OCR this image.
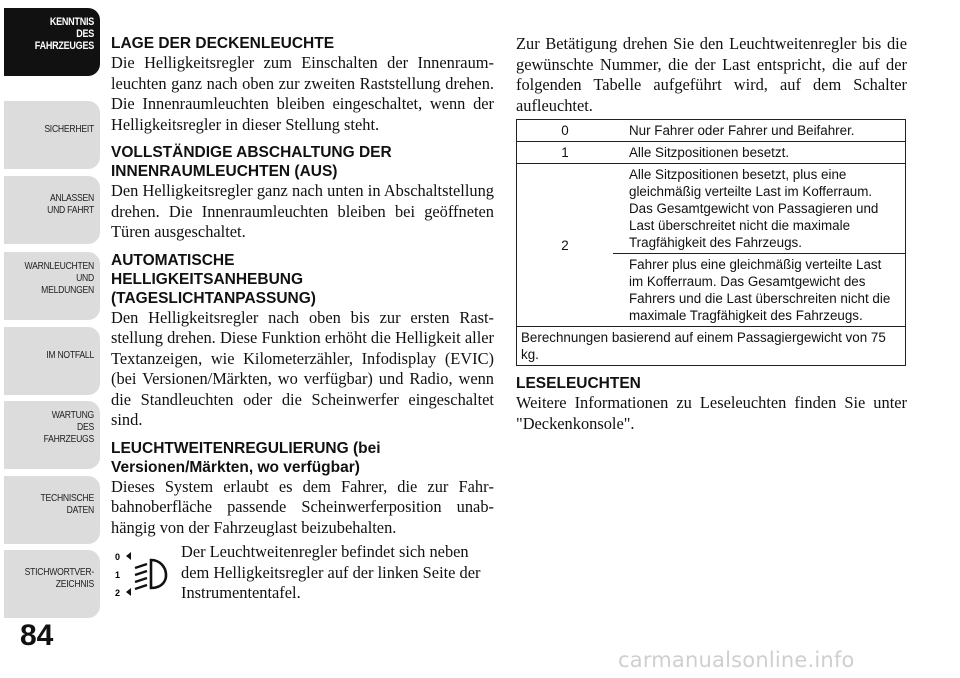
KENNTNIS
DES
FAHRZEUGES
SICHERHEIT
ANLASSEN
UND FAHRT
WARNLEUCHTEN
UND
MELDUNGEN
IM NOTFALL
WARTUNG
DES
FAHRZEUGS
TECHNISCHE
DATEN
STICHWORTVER-
ZEICHNIS
84

LAGE DER DECKENLEUCHTE

Die Helligkeitsregler zum Einschalten der Innenraumleuchten ganz nach oben zur zweiten Raststellung drehen. Die Innenraumleuchten bleiben eingeschaltet, wenn der Helligkeitsregler in dieser Stellung steht.

VOLLSTÄNDIGE ABSCHALTUNG DER INNENRAUMLEUCHTEN (AUS)

Den Helligkeitsregler ganz nach unten in Abschaltstellung drehen. Die Innenraumleuchten bleiben bei geöffneten Türen ausgeschaltet.

AUTOMATISCHE HELLIGKEITSANHEBUNG (TAGESLICHTANPASSUNG)

Den Helligkeitsregler nach oben bis zur ersten Raststellung drehen. Diese Funktion erhöht die Helligkeit aller Textanzeigen, wie Kilometerzähler, Infodisplay (EVIC) (bei Versionen/Märkten, wo verfügbar) und Radio, wenn die Standleuchten oder die Scheinwerfer eingeschaltet sind.

LEUCHTWEITENREGULIERUNG (bei Versionen/Märkten, wo verfügbar)

Dieses System erlaubt es dem Fahrer, die zur Fahrbahnoberfläche passende Scheinwerferposition unabhängig von der Fahrzeuglast beizubehalten.

0
1
2

Der Leuchtweitenregler befindet sich neben dem Helligkeitsregler auf der linken Seite der Instrumententafel.

Zur Betätigung drehen Sie den Leuchtweitenregler bis die gewünschte Nummer, die der Last entspricht, die auf der folgenden Tabelle aufgeführt wird, auf dem Schalter aufleuchtet.

0	Nur Fahrer oder Fahrer und Beifahrer.
1	Alle Sitzpositionen besetzt.
2	Alle Sitzpositionen besetzt, plus eine gleichmäßig verteilte Last im Kofferraum. Das Gesamtgewicht von Passagieren und Last überschreitet nicht die maximale Tragfähigkeit des Fahrzeugs.
	Fahrer plus eine gleichmäßig verteilte Last im Kofferraum. Das Gesamtgewicht des Fahrers und die Last überschreiten nicht die maximale Tragfähigkeit des Fahrzeugs.
Berechnungen basierend auf einem Passagiergewicht von 75 kg.	

LESELEUCHTEN

Weitere Informationen zu Leseleuchten finden Sie unter "Deckenkonsole".

carmanualsonline.info
